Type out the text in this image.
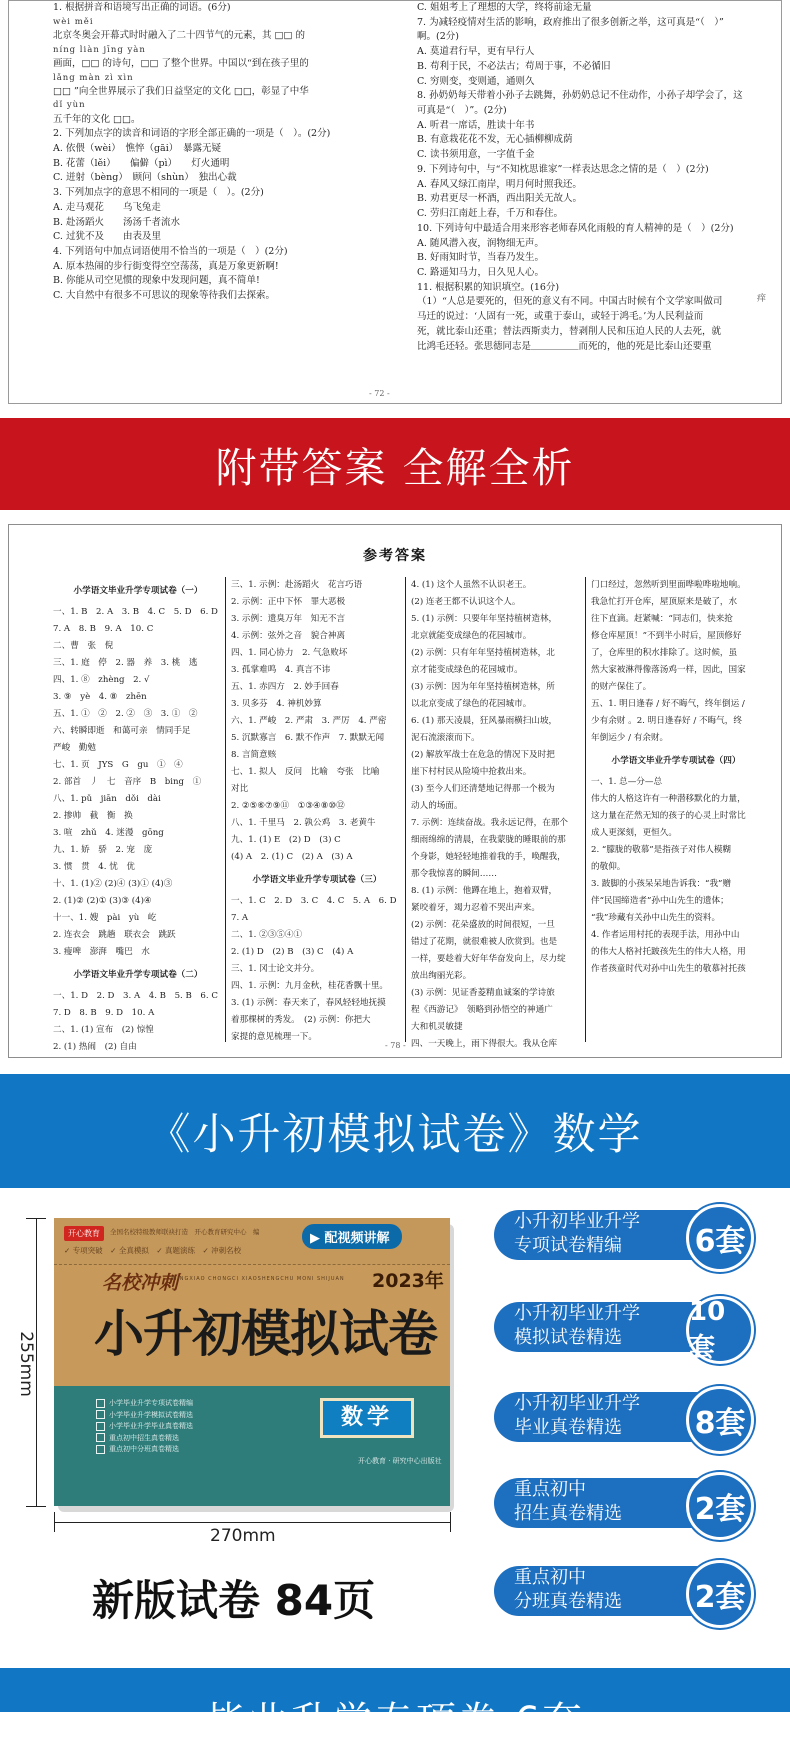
1. 根据拼音和语境写出正确的词语。(6分)
wèi měi
北京冬奥会开幕式时时融入了二十四节气的元素，其 □□ 的
níng liàn jīng yàn
画面，□□ 的诗句，□□ 了整个世界。中国以“到在孩子里的
lǎng màn zì xìn
□□ ”向全世界展示了我们日益坚定的文化 □□，彰显了中华
dǐ yùn
五千年的文化 □□。
2. 下列加点字的读音和词语的字形全部正确的一项是（　）。(2分)
A. 依偎（wèi）　憔悴（gāi）　暴露无疑
B. 花蕾（lěi）　　偏僻（pì）　　灯火通明
C. 迸射（bèng）　顾问（shùn）　独出心裁
3. 下列加点字的意思不相同的一项是（　）。(2分)
A. 走马观花　　乌飞兔走
B. 赴汤蹈火　　汤汤千者流水
C. 过犹不及　　由表及里
4. 下列语句中加点词语使用不恰当的一项是（　）(2分)
A. 原本热闹的步行街变得空空荡荡，真是万象更新啊!
B. 你能从司空见惯的现象中发现问题，真不简单!
C. 大自然中有很多不可思议的现象等待我们去探索。
C. 姐姐考上了理想的大学，终将前途无量
7. 为减轻疫情对生活的影响，政府推出了很多创新之举，这可真是“（　）”
啊。(2分)
A. 莫道君行早，更有早行人
B. 苟利于民，不必法古；苟周于事，不必循旧
C. 穷则变，变则通，通则久
8. 孙奶奶每天带着小孙子去跳舞，孙奶奶总记不住动作，小孙子却学会了，这
可真是“（　）”。(2分)
A. 听君一席话，胜读十年书
B. 有意栽花花不发，无心插柳柳成荫
C. 读书须用意，一字值千金
9. 下列诗句中，与“不知枕思谁家”一样表达思念之情的是（　）(2分)
A. 春风又绿江南岸，明月何时照我还。
B. 劝君更尽一杯酒，西出阳关无故人。
C. 劳归江南赶上春，千万和春住。
10. 下列诗句中最适合用来形容老师春风化雨般的育人精神的是（　）(2分)
A. 随风潜入夜，润物细无声。
B. 好雨知时节，当春乃发生。
C. 路遥知马力，日久见人心。
11. 根据积累的知识填空。(16分)
（1）“人总是要死的，但死的意义有不同。中国古时候有个文学家叫做司
马迁的说过：‘人固有一死，或重于泰山，或轻于鸿毛。’为人民利益而
死，就比泰山还重；替法西斯卖力，替剥削人民和压迫人民的人去死，就
比鸿毛还轻。张思德同志是＿＿＿＿＿而死的，他的死是比泰山还要重
- 72 -
痒
附带答案 全解全析
参考答案
小学语文毕业升学专项试卷（一）
一、1. B　2. A　3. B　4. C　5. D　6. D
7. A　8. B　9. A　10. C
二、曹　张　倪
三、1. 庭　停　2. 器　养　3. 桃　逃
四、1. ⑧　zhèng　2. √
3. ⑨　yè　4. ⑧　zhēn
五、1. ①　②　2. ②　③　3. ①　②
六、转瞬即逝　和蔼可亲　情同手足
严峻　勤勉
七、1. 页　JYS　G　gu　①　④
2. 部首　丿　七　音序　B　bing　①
八、1. pǔ　jiān　dǒi　dài
2. 掺帅　截　衡　换
3. 喧　zhǔ　4. 迷漫　gōng
九、1. 娇　骄　2. 宠　庞
3. 惯　贯　4. 忧　优
十、1. (1)② (2)④ (3)① (4)③
2. (1)② (2)① (3)③ (4)④
十一、1. 嫂　pài　yù　屹
2. 连衣会　跳趟　联衣会　跳跃
3. 瘦啤　澎湃　嘴巴　水
小学语文毕业升学专项试卷（二）
一、1. D　2. D　3. A　4. B　5. B　6. C
7. D　8. B　9. D　10. A
二、1. (1) 宣布　(2) 惊惶
2. (1) 热闹　(2) 自由
三、1. 示例：赴汤蹈火　花言巧语
2. 示例：正中下怀　罪大恶极
3. 示例：遗臭万年　知无不言
4. 示例：弦外之音　貌合神离
四、1. 同心协力　2. 气急败坏
3. 孤掌难鸣　4. 真言不讳
五、1. 赤四方　2. 妙手回春
3. 贝多芬　4. 神机妙算
六、1. 严峻　2. 严肃　3. 严厉　4. 严密
5. 沉默寡言　6. 默不作声　7. 默默无闻
8. 言简意赅
七、1. 拟人　反问　比喻　夸张　比喻
对比
2. ②⑤⑥⑦⑨⑪　①③④⑧⑩⑫
八、1. 千里马　2. 孰公鸡　3. 老黄牛
九、1. (1) E　(2) D　(3) C
(4) A　2. (1) C　(2) A　(3) A
小学语文毕业升学专项试卷（三）
一、1. C　2. D　3. C　4. C　5. A　6. D
7. A
二、1. ②③⑤④①
2. (1) D　(2) B　(3) C　(4) A
三、1. 冈士论文并分。
四、1. 示例：九月金秋，桂花香飘十里。
3. (1) 示例：春天来了，春风轻轻地抚摸
着那棵树的秀发。　(2) 示例：你把大
家提的意见梳理一下。
4. (1) 这个人虽然不认识老王。
(2) 连老王都不认识这个人。
5. (1) 示例：只要年年坚持植树造林，
北京就能变成绿色的花园城市。
(2) 示例：只有年年坚持植树造林，北
京才能变成绿色的花园城市。
(3) 示例：因为年年坚持植树造林，所
以北京变成了绿色的花园城市。
6. (1) 那天凌晨，狂风暴雨横扫山坡，
泥石流滚滚而下。
(2) 解放军战士在危急的情况下及时把
崖下村村民从险境中抢救出来。
(3) 至今人们还清楚地记得那一个极为
动人的场面。
7. 示例：连续奋战。我永远记得，在那个
细雨绵绵的清晨，在我蒙胧的睡眼前的那
个身影，她轻轻地推着我的手，唤醒我，
那令我惊喜的瞬间……
8. (1) 示例：他蹲在地上，抱着双臂，
紧咬着牙，竭力忍着不哭出声来。
(2) 示例：花朵盛放的时间很短，一旦
错过了花期，就很难被人欣赏到。也是
一样，要趁着大好年华奋发向上，尽力绽
放出绚丽光彩。
(3) 示例：见证香菱精血诚案的学诗旅
程《西游记》　领略到孙悟空的神通广
大和机灵敏捷
四、一天晚上，雨下得很大。我从仓库
门口经过，忽然听到里面哗啦哗啦地响。
我急忙打开仓库，屋顶原来是破了，水
往下直滴。赶紧喊：“同志们，快来抢
修仓库屋顶！”不到半小时后，屋顶修好
了，仓库里的积水排除了。这时候，虽
然大家被淋得像落汤鸡一样，因此，国家
的财产保住了。
五、1. 明日逢春 / 好不晦气，终年倒运 /
少有余财 。2. 明日逢春好 / 不晦气，终
年倒运少 / 有余财。
小学语文毕业升学专项试卷（四）
一、1. 总—分—总
伟大的人格这许有一种潜移默化的力量，
这力量在茫然无知的孩子的心灵上时常比
成人更深刻，更恒久。
2. “朦胧的敬慕”是指孩子对伟人模糊
的敬仰。
3. 跛脚的小孩呆呆地告诉我：“我”赠
伴“民国缔造者”孙中山先生的遗体；
“我”珍藏有关孙中山先生的资料。
4. 作者运用村托的表现手法，用孙中山
的伟大人格衬托跛孩先生的伟大人格，用
作者孩童时代对孙中山先生的敬慕衬托孩
- 78 -
《小升初模拟试卷》数学
开心教育	全国名校特级教师联袂打造　开心教育研究中心　编	▶ 配视频讲解
✓ 专项突破　✓ 全真模拟　✓ 真题演练　✓ 冲刺名校
名校冲刺
MINGXIAO CHONGCI XIAOSHENGCHU MONI SHIJUAN 2023年
小升初模拟试卷
小学毕业升学专项试卷精编
小学毕业升学模拟试卷精选
小学毕业升学毕业真卷精选
重点初中招生真卷精选
重点初中分班真卷精选
数学
开心教育 · 研究中心出版社
255mm
270mm
新版试卷 84页
小升初毕业升学
专项试卷精编	6套
小升初毕业升学
模拟试卷精选
10套
小升初毕业升学
毕业真卷精选	8套
重点初中
招生真卷精选	2套
重点初中
分班真卷精选	2套
毕业升学专项卷 6套
